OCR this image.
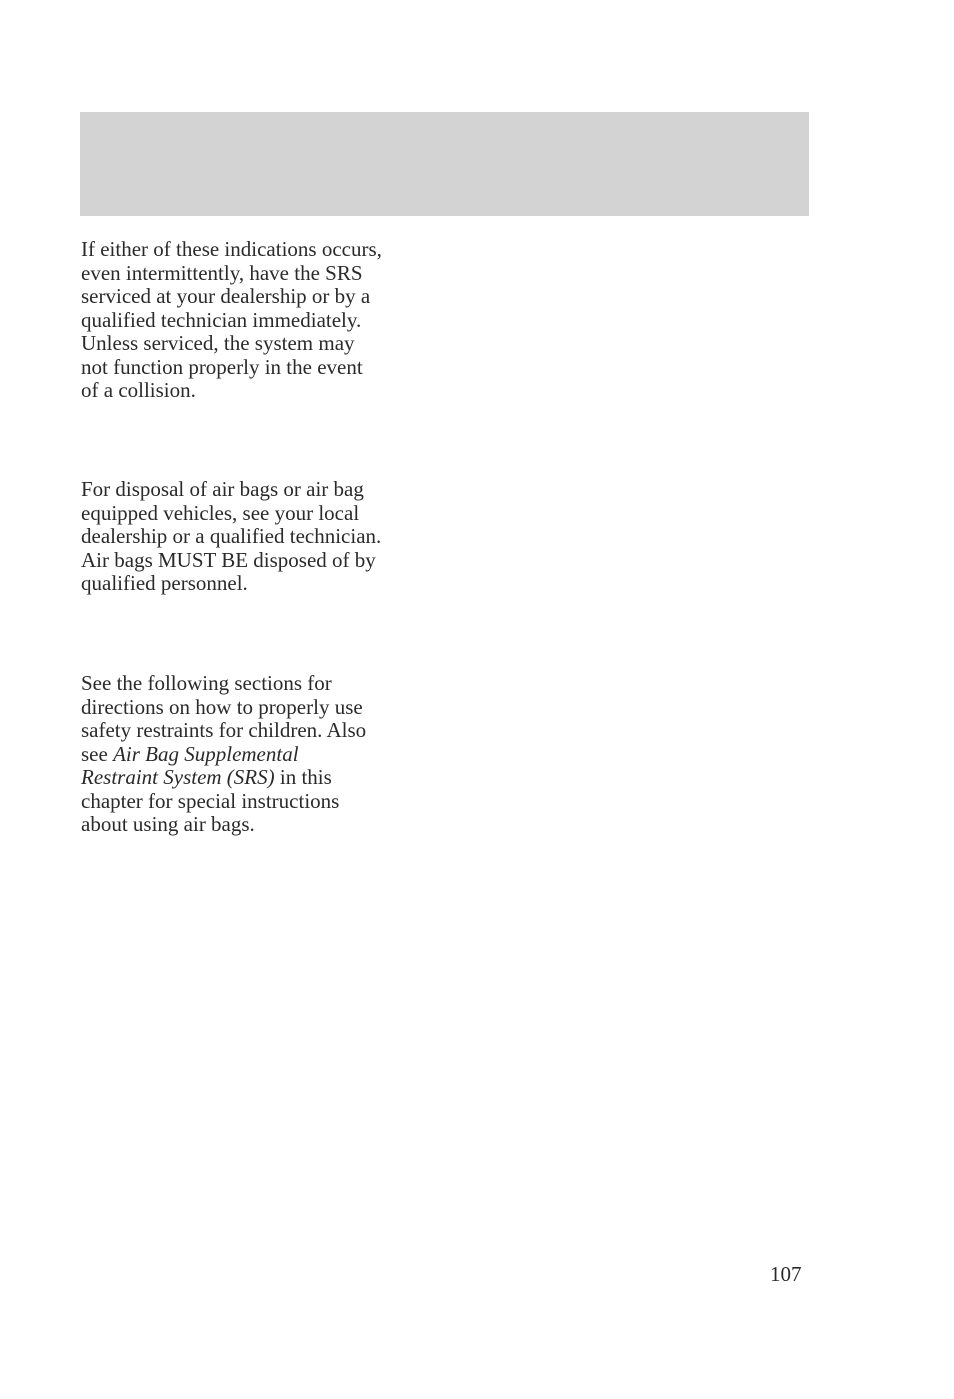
If either of these indications occurs,
even intermittently, have the SRS
serviced at your dealership or by a
qualified technician immediately.
Unless serviced, the system may
not function properly in the event
of a collision.

For disposal of air bags or air bag
equipped vehicles, see your local
dealership or a qualified technician.
Air bags MUST BE disposed of by
qualified personnel.

See the following sections for
directions on how to properly use
safety restraints for children. Also
see Air Bag Supplemental
Restraint System (SRS) in this
chapter for special instructions
about using air bags.

107
